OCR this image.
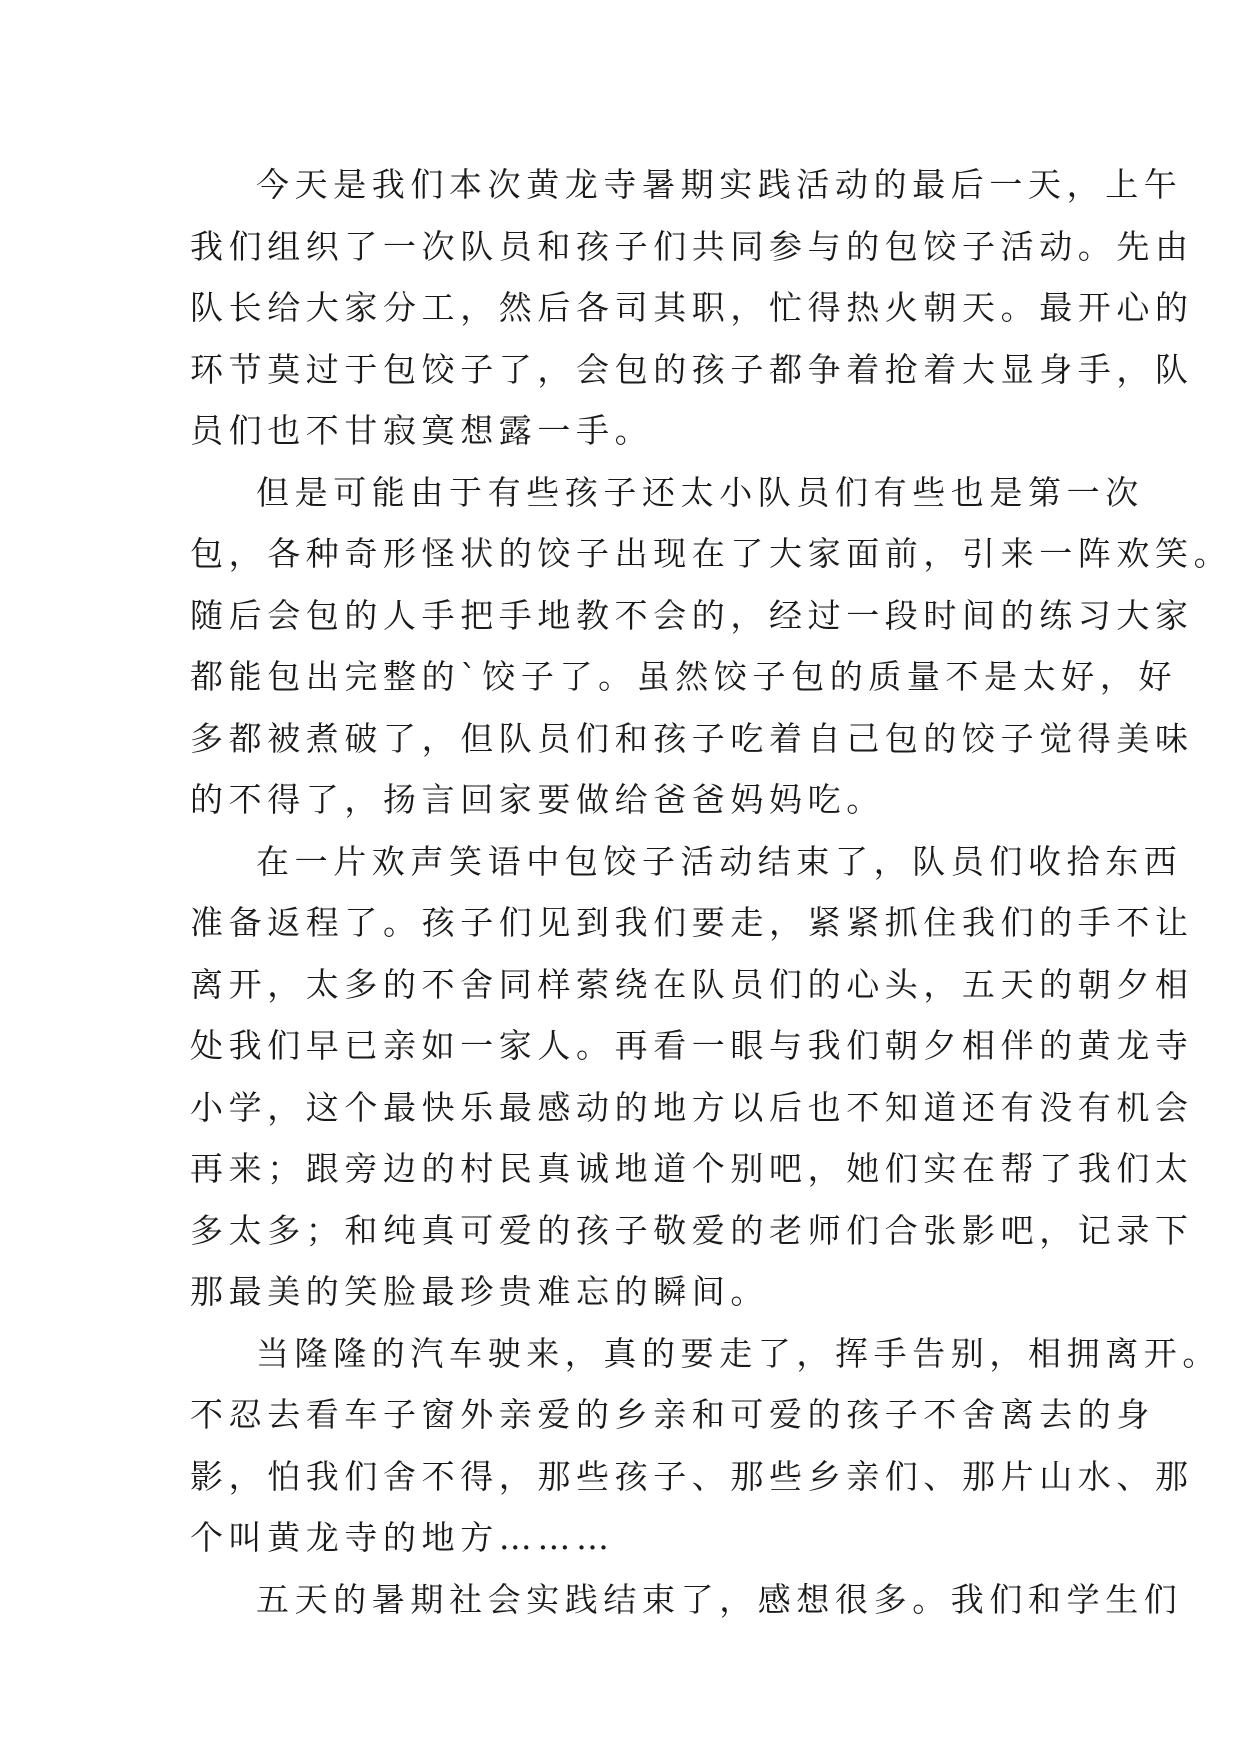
今天是我们本次黄龙寺暑期实践活动的最后一天，上午
我们组织了一次队员和孩子们共同参与的包饺子活动。先由
队长给大家分工，然后各司其职，忙得热火朝天。最开心的
环节莫过于包饺子了，会包的孩子都争着抢着大显身手，队
员们也不甘寂寞想露一手。
但是可能由于有些孩子还太小队员们有些也是第一次
包，各种奇形怪状的饺子出现在了大家面前，引来一阵欢笑。
随后会包的人手把手地教不会的，经过一段时间的练习大家
都能包出完整的`饺子了。虽然饺子包的质量不是太好，好
多都被煮破了，但队员们和孩子吃着自己包的饺子觉得美味
的不得了，扬言回家要做给爸爸妈妈吃。
在一片欢声笑语中包饺子活动结束了，队员们收拾东西
准备返程了。孩子们见到我们要走，紧紧抓住我们的手不让
离开，太多的不舍同样萦绕在队员们的心头，五天的朝夕相
处我们早已亲如一家人。再看一眼与我们朝夕相伴的黄龙寺
小学，这个最快乐最感动的地方以后也不知道还有没有机会
再来；跟旁边的村民真诚地道个别吧，她们实在帮了我们太
多太多；和纯真可爱的孩子敬爱的老师们合张影吧，记录下
那最美的笑脸最珍贵难忘的瞬间。
当隆隆的汽车驶来，真的要走了，挥手告别，相拥离开。
不忍去看车子窗外亲爱的乡亲和可爱的孩子不舍离去的身
影，怕我们舍不得，那些孩子、那些乡亲们、那片山水、那
个叫黄龙寺的地方………
五天的暑期社会实践结束了，感想很多。我们和学生们
